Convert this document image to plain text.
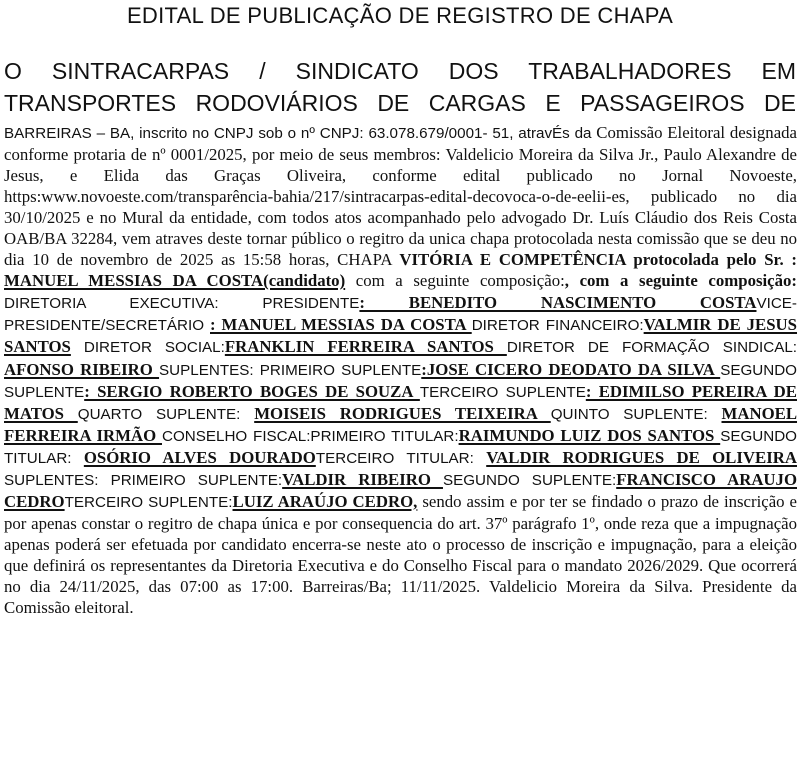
EDITAL DE PUBLICAÇÃO DE REGISTRO DE CHAPA
O SINTRACARPAS / SINDICATO DOS TRABALHADORES EM
TRANSPORTES RODOVIÁRIOS DE CARGAS E PASSAGEIROS DE
BARREIRAS – BA, inscrito no CNPJ sob o nº CNPJ: 63.078.679/0001- 51, atravÉs da Comissão Eleitoral designada conforme protaria de nº 0001/2025, por meio de seus membros: Valdelicio Moreira da Silva Jr., Paulo Alexandre de Jesus, e Elida das Graças Oliveira, conforme edital publicado no Jornal Novoeste, https:www.novoeste.com/transparência-bahia/217/sintracarpas-edital-decovoca-o-de-eelii-es, publicado no dia 30/10/2025 e no Mural da entidade, com todos atos acompanhado pelo advogado Dr. Luís Cláudio dos Reis Costa OAB/BA 32284, vem atraves deste tornar público o regitro da unica chapa protocolada nesta comissão que se deu no dia 10 de novembro de 2025 as 15:58 horas, CHAPA VITÓRIA E COMPETÊNCIA protocolada pelo Sr. : MANUEL MESSIAS DA COSTA(candidato) com a seguinte composição:, com a seguinte composição: DIRETORIA EXECUTIVA: PRESIDENTE: BENEDITO NASCIMENTO COSTAVICE-PRESIDENTE/SECRETÁRIO : MANUEL MESSIAS DA COSTA DIRETOR FINANCEIRO:VALMIR DE JESUS SANTOS DIRETOR SOCIAL:FRANKLIN FERREIRA SANTOS DIRETOR DE FORMAÇÃO SINDICAL: AFONSO RIBEIRO SUPLENTES: PRIMEIRO SUPLENTE:JOSE CICERO DEODATO DA SILVA SEGUNDO SUPLENTE: SERGIO ROBERTO BOGES DE SOUZA TERCEIRO SUPLENTE: EDIMILSO PEREIRA DE MATOS QUARTO SUPLENTE: MOISEIS RODRIGUES TEIXEIRA QUINTO SUPLENTE: MANOEL FERREIRA IRMÃO CONSELHO FISCAL:PRIMEIRO TITULAR:RAIMUNDO LUIZ DOS SANTOS SEGUNDO TITULAR: OSÓRIO ALVES DOURADOTERCEIRO TITULAR: VALDIR RODRIGUES DE OLIVEIRA SUPLENTES: PRIMEIRO SUPLENTE:VALDIR RIBEIRO SEGUNDO SUPLENTE:FRANCISCO ARAUJO CEDROTERCEIRO SUPLENTE:LUIZ ARAÚJO CEDRO, sendo assim e por ter se findado o prazo de inscrição e por apenas constar o regitro de chapa única e por consequencia do art. 37º parágrafo 1º, onde reza que a impugnação apenas poderá ser efetuada por candidato encerra-se neste ato o processo de inscrição e impugnação, para a eleição que definirá os representantes da Diretoria Executiva e do Conselho Fiscal para o mandato 2026/2029. Que ocorrerá no dia 24/11/2025, das 07:00 as 17:00. Barreiras/Ba; 11/11/2025. Valdelicio Moreira da Silva. Presidente da Comissão eleitoral.
